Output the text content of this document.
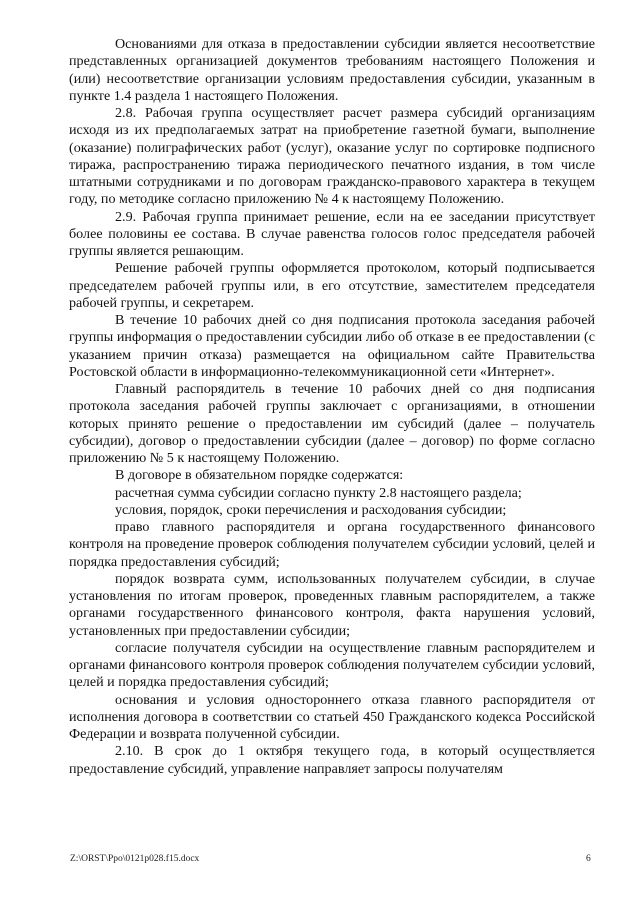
Основаниями для отказа в предоставлении субсидии является несоответствие представленных организацией документов требованиям настоящего Положения и (или) несоответствие организации условиям предоставления субсидии, указанным в пункте 1.4 раздела 1 настоящего Положения.

2.8. Рабочая группа осуществляет расчет размера субсидий организациям исходя из их предполагаемых затрат на приобретение газетной бумаги, выполнение (оказание) полиграфических работ (услуг), оказание услуг по сортировке подписного тиража, распространению тиража периодического печатного издания, в том числе штатными сотрудниками и по договорам гражданско-правового характера в текущем году, по методике согласно приложению № 4 к настоящему Положению.

2.9. Рабочая группа принимает решение, если на ее заседании присутствует более половины ее состава. В случае равенства голосов голос председателя рабочей группы является решающим.

Решение рабочей группы оформляется протоколом, который подписывается председателем рабочей группы или, в его отсутствие, заместителем председателя рабочей группы, и секретарем.

В течение 10 рабочих дней со дня подписания протокола заседания рабочей группы информация о предоставлении субсидии либо об отказе в ее предоставлении (с указанием причин отказа) размещается на официальном сайте Правительства Ростовской области в информационно-телекоммуникационной сети «Интернет».

Главный распорядитель в течение 10 рабочих дней со дня подписания протокола заседания рабочей группы заключает с организациями, в отношении которых принято решение о предоставлении им субсидий (далее – получатель субсидии), договор о предоставлении субсидии (далее – договор) по форме согласно приложению № 5 к настоящему Положению.

В договоре в обязательном порядке содержатся:

расчетная сумма субсидии согласно пункту 2.8 настоящего раздела;

условия, порядок, сроки перечисления и расходования субсидии;

право главного распорядителя и органа государственного финансового контроля на проведение проверок соблюдения получателем субсидии условий, целей и порядка предоставления субсидий;

порядок возврата сумм, использованных получателем субсидии, в случае установления по итогам проверок, проведенных главным распорядителем, а также органами государственного финансового контроля, факта нарушения условий, установленных при предоставлении субсидии;

согласие получателя субсидии на осуществление главным распорядителем и органами финансового контроля проверок соблюдения получателем субсидии условий, целей и порядка предоставления субсидий;

основания и условия одностороннего отказа главного распорядителя от исполнения договора в соответствии со статьей 450 Гражданского кодекса Российской Федерации и возврата полученной субсидии.

2.10. В срок до 1 октября текущего года, в который осуществляется предоставление субсидий, управление направляет запросы получателям

Z:\ORST\Ppo\0121p028.f15.docx	6
